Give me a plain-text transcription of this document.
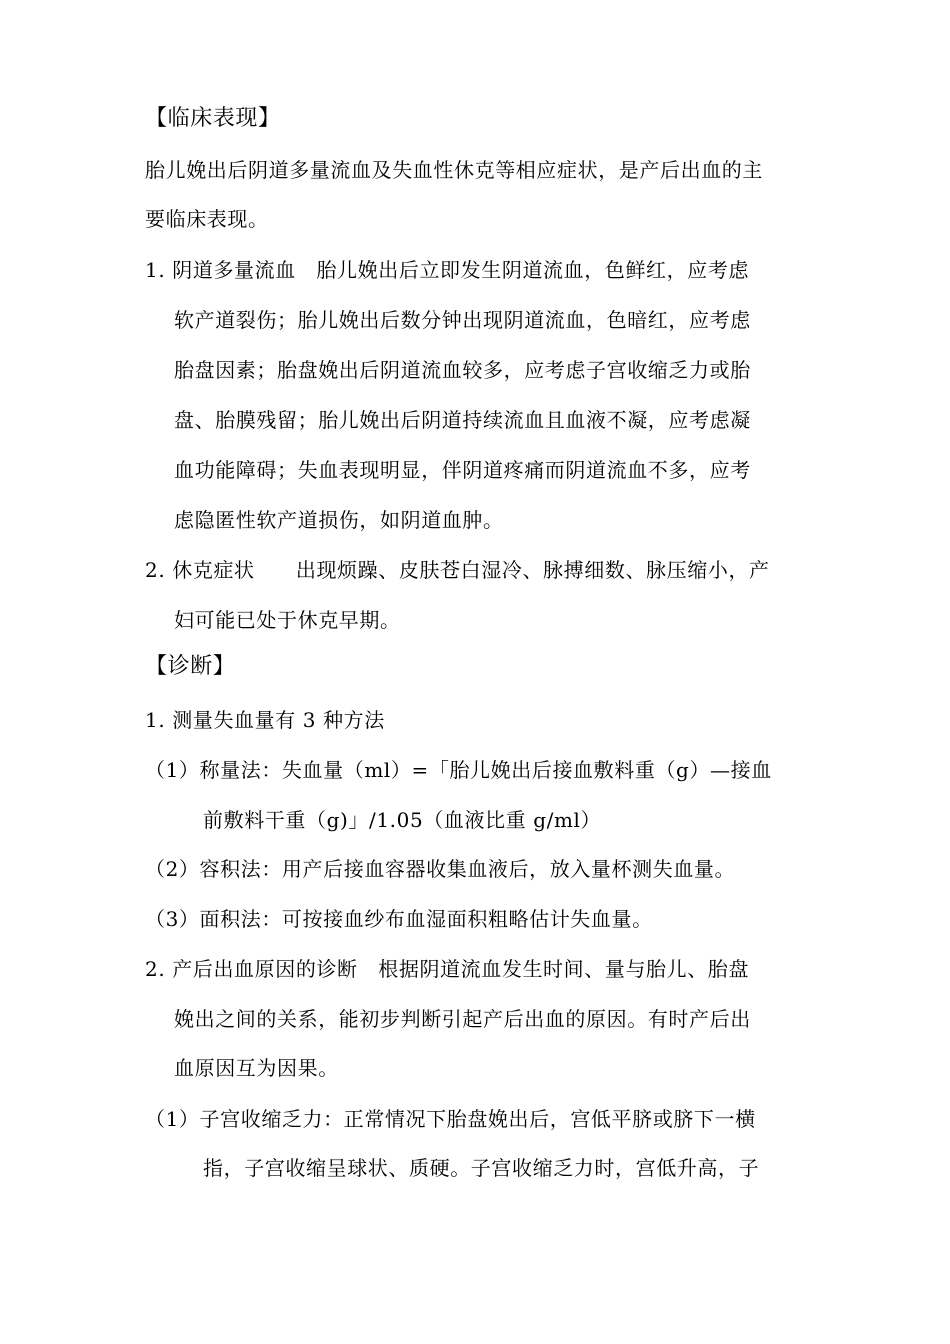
【临床表现】
胎儿娩出后阴道多量流血及失血性休克等相应症状，是产后出血的主
要临床表现。
1. 阴道多量流血　胎儿娩出后立即发生阴道流血，色鲜红，应考虑
软产道裂伤；胎儿娩出后数分钟出现阴道流血，色暗红，应考虑
胎盘因素；胎盘娩出后阴道流血较多，应考虑子宫收缩乏力或胎
盘、胎膜残留；胎儿娩出后阴道持续流血且血液不凝，应考虑凝
血功能障碍；失血表现明显，伴阴道疼痛而阴道流血不多，应考
虑隐匿性软产道损伤，如阴道血肿。
2. 休克症状　　出现烦躁、皮肤苍白湿冷、脉搏细数、脉压缩小，产
妇可能已处于休克早期。
【诊断】
1. 测量失血量有 3 种方法
（1）称量法：失血量（ml）=「胎儿娩出后接血敷料重（g）—接血
前敷料干重（g)」/1.05（血液比重 g/ml）
（2）容积法：用产后接血容器收集血液后，放入量杯测失血量。
（3）面积法：可按接血纱布血湿面积粗略估计失血量。
2. 产后出血原因的诊断　根据阴道流血发生时间、量与胎儿、胎盘
娩出之间的关系，能初步判断引起产后出血的原因。有时产后出
血原因互为因果。
（1）子宫收缩乏力：正常情况下胎盘娩出后，宫低平脐或脐下一横
指，子宫收缩呈球状、质硬。子宫收缩乏力时，宫低升高，子
